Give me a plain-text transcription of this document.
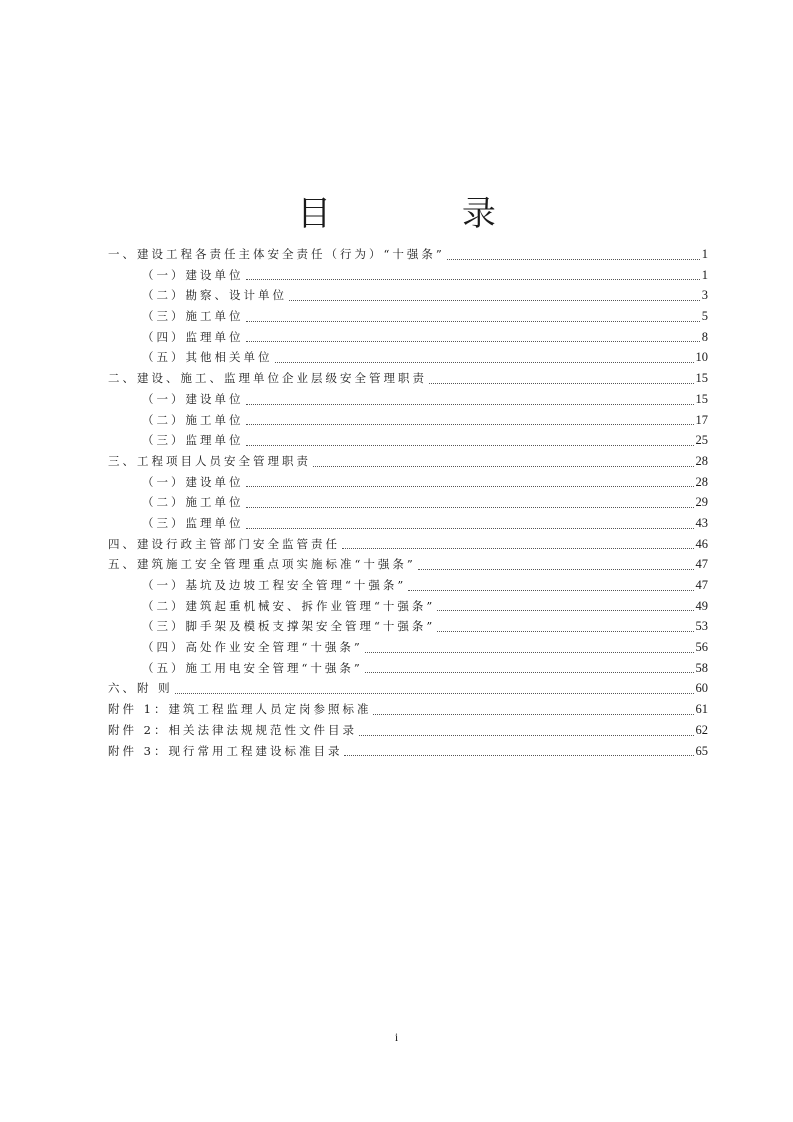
目 录
一、建设工程各责任主体安全责任（行为）“十强条”	1
（一）建设单位	1
（二）勘察、设计单位	3
（三）施工单位	5
（四）监理单位	8
（五）其他相关单位	10
二、建设、施工、监理单位企业层级安全管理职责	15
（一）建设单位	15
（二）施工单位	17
（三）监理单位	25
三、工程项目人员安全管理职责	28
（一）建设单位	28
（二）施工单位	29
（三）监理单位	43
四、建设行政主管部门安全监管责任	46
五、建筑施工安全管理重点项实施标准“十强条”	47
（一）基坑及边坡工程安全管理“十强条”	47
（二）建筑起重机械安、拆作业管理“十强条”	49
（三）脚手架及模板支撑架安全管理“十强条”	53
（四）高处作业安全管理“十强条”	56
（五）施工用电安全管理“十强条”	58
六、附 则	60
附件 1：建筑工程监理人员定岗参照标准	61
附件 2：相关法律法规规范性文件目录	62
附件 3：现行常用工程建设标准目录	65
i
